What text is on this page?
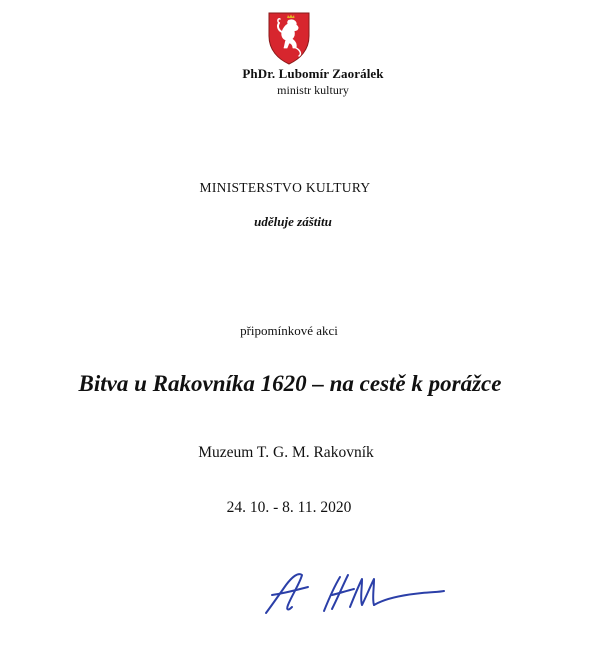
PhDr. Lubomír Zaorálek
ministr kultury
MINISTERSTVO KULTURY
uděluje záštitu
připomínkové akci
Bitva u Rakovníka 1620 – na cestě k porážce
Muzeum T. G. M. Rakovník
24. 10. - 8. 11. 2020
